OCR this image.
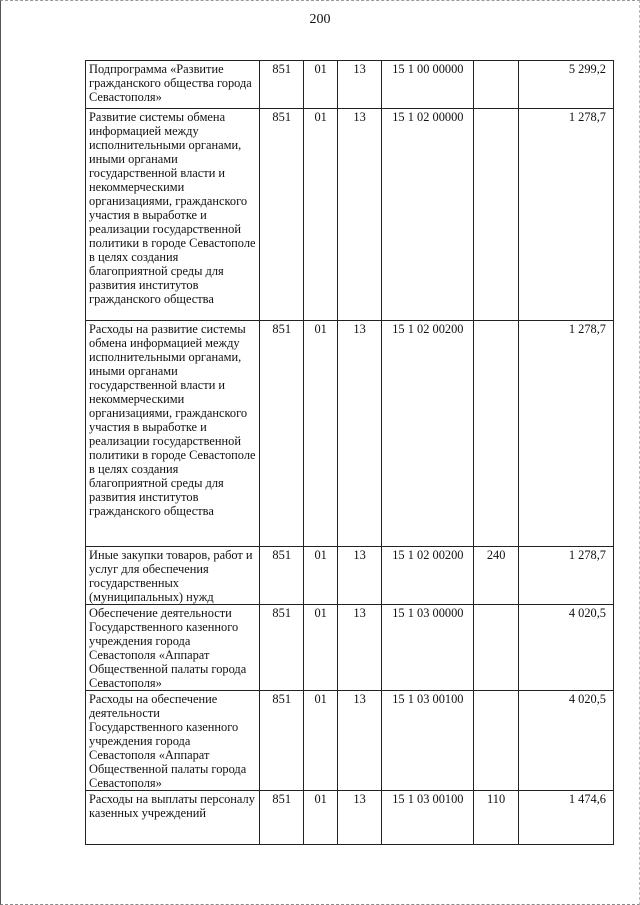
200
Подпрограмма «Развитие гражданского общества города Севастополя»	851	01	13	15 1 00 00000		5 299,2
Развитие системы обмена информацией между исполнительными органами, иными органами государственной власти и некоммерческими организациями, гражданского участия в выработке и реализации государственной политики в городе Севастополе в целях создания благоприятной среды для развития институтов гражданского общества	851	01	13	15 1 02 00000		1 278,7
Расходы на развитие системы обмена информацией между исполнительными органами, иными органами государственной власти и некоммерческими организациями, гражданского участия в выработке и реализации государственной политики в городе Севастополе в целях создания благоприятной среды для развития институтов гражданского общества	851	01	13	15 1 02 00200		1 278,7
Иные закупки товаров, работ и услуг для обеспечения государственных (муниципальных) нужд	851	01	13	15 1 02 00200	240	1 278,7
Обеспечение деятельности Государственного казенного учреждения города Севастополя «Аппарат Общественной палаты города Севастополя»	851	01	13	15 1 03 00000		4 020,5
Расходы на обеспечение деятельности Государственного казенного учреждения города Севастополя «Аппарат Общественной палаты города Севастополя»	851	01	13	15 1 03 00100		4 020,5
Расходы на выплаты персоналу казенных учреждений	851	01	13	15 1 03 00100	110	1 474,6
